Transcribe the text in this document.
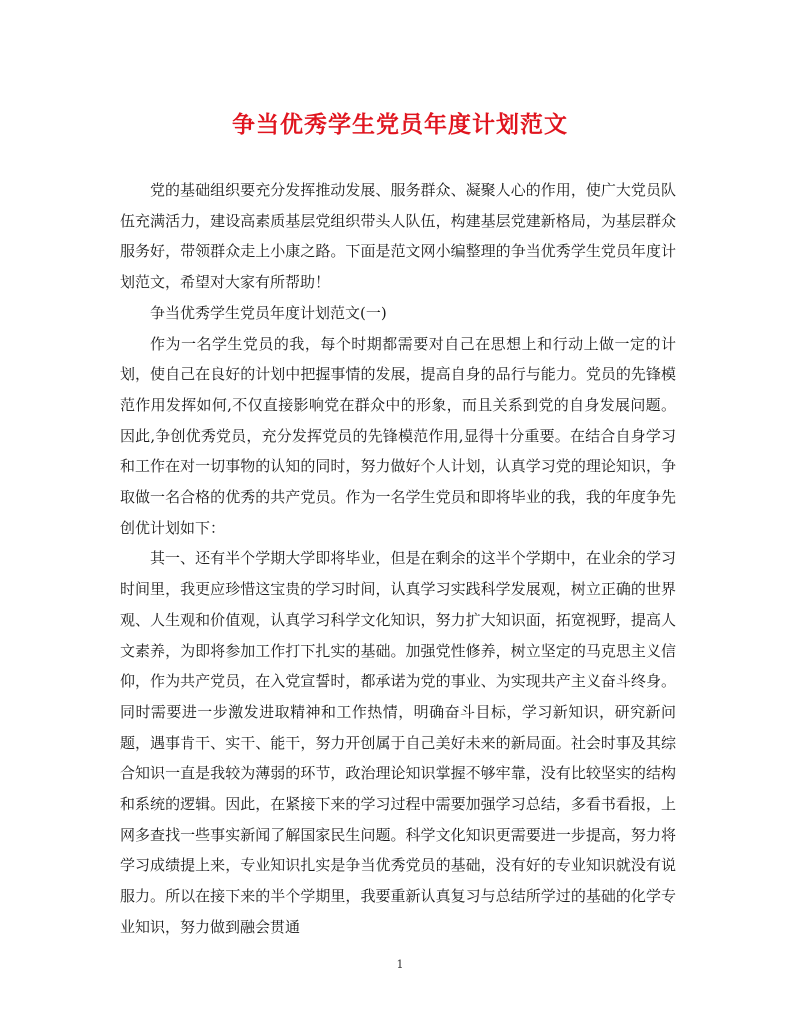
争当优秀学生党员年度计划范文

党的基础组织要充分发挥推动发展、服务群众、凝聚人心的作用，使广大党员队伍充满活力，建设高素质基层党组织带头人队伍，构建基层党建新格局，为基层群众服务好，带领群众走上小康之路。下面是范文网小编整理的争当优秀学生党员年度计划范文，希望对大家有所帮助！

争当优秀学生党员年度计划范文(一)

作为一名学生党员的我，每个时期都需要对自己在思想上和行动上做一定的计划，使自己在良好的计划中把握事情的发展，提高自身的品行与能力。党员的先锋模范作用发挥如何,不仅直接影响党在群众中的形象，而且关系到党的自身发展问题。因此,争创优秀党员，充分发挥党员的先锋模范作用,显得十分重要。在结合自身学习和工作在对一切事物的认知的同时，努力做好个人计划，认真学习党的理论知识，争取做一名合格的优秀的共产党员。作为一名学生党员和即将毕业的我，我的年度争先创优计划如下：

其一、还有半个学期大学即将毕业，但是在剩余的这半个学期中，在业余的学习时间里，我更应珍惜这宝贵的学习时间，认真学习实践科学发展观，树立正确的世界观、人生观和价值观，认真学习科学文化知识，努力扩大知识面，拓宽视野，提高人文素养，为即将参加工作打下扎实的基础。加强党性修养，树立坚定的马克思主义信仰，作为共产党员，在入党宣誓时，都承诺为党的事业、为实现共产主义奋斗终身。同时需要进一步激发进取精神和工作热情，明确奋斗目标，学习新知识，研究新问题，遇事肯干、实干、能干，努力开创属于自己美好未来的新局面。社会时事及其综合知识一直是我较为薄弱的环节，政治理论知识掌握不够牢靠，没有比较坚实的结构和系统的逻辑。因此，在紧接下来的学习过程中需要加强学习总结，多看书看报，上网多查找一些事实新闻了解国家民生问题。科学文化知识更需要进一步提高，努力将学习成绩提上来，专业知识扎实是争当优秀党员的基础，没有好的专业知识就没有说服力。所以在接下来的半个学期里，我要重新认真复习与总结所学过的基础的化学专业知识，努力做到融会贯通

1
